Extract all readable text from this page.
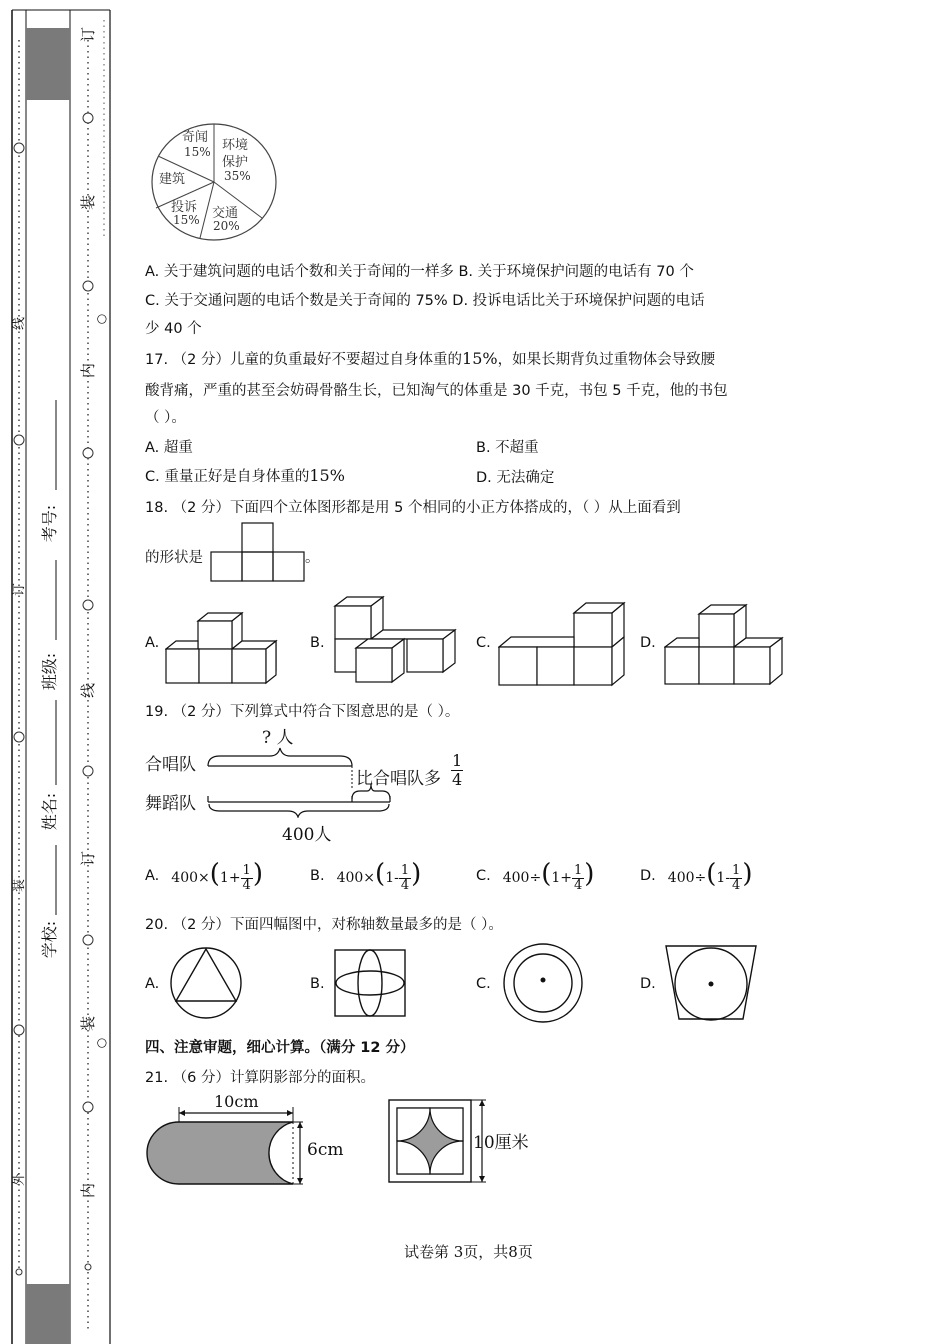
订
装
○
内
线
订
装
内
○
线
订
装
外
考号:
班级:
姓名:
学校:
奇闻
15% 环境
保护
35%
建筑
投诉
15% 交通
20%
A. 关于建筑问题的电话个数和关于奇闻的一样多 B. 关于环境保护问题的电话有 70 个
C. 关于交通问题的电话个数是关于奇闻的 75% D. 投诉电话比关于环境保护问题的电话
少 40 个
17. （2 分）儿童的负重最好不要超过自身体重的15%，如果长期背负过重物体会导致腰
酸背痛，严重的甚至会妨碍骨骼生长，已知淘气的体重是 30 千克，书包 5 千克，他的书包
（ ）。
A. 超重	B. 不超重
C. 重量正好是自身体重的15%	D. 无法确定
18. （2 分）下面四个立体图形都是用 5 个相同的小正方体搭成的，（ ）从上面看到
的形状是	。
A.	B.	C.	D.
19. （2 分）下列算式中符合下图意思的是（ ）。
? 人
合唱队
舞蹈队
比合唱队多
1
4
400人
A. $400\times(1+ \frac{1}{4}$ )	B. $400\times(1- \frac{1}{4}$ )	C. $400\div(1+ \frac{1}{4}$ )	D. $400\div(1- \frac{1}{4}$ )
20. （2 分）下面四幅图中，对称轴数量最多的是（ ）。
A.	B.	C.	D.
四、注意审题，细心计算。（满分 12 分）
21. （6 分）计算阴影部分的面积。
10cm
6cm	10厘米
试卷第 3页，共8页
